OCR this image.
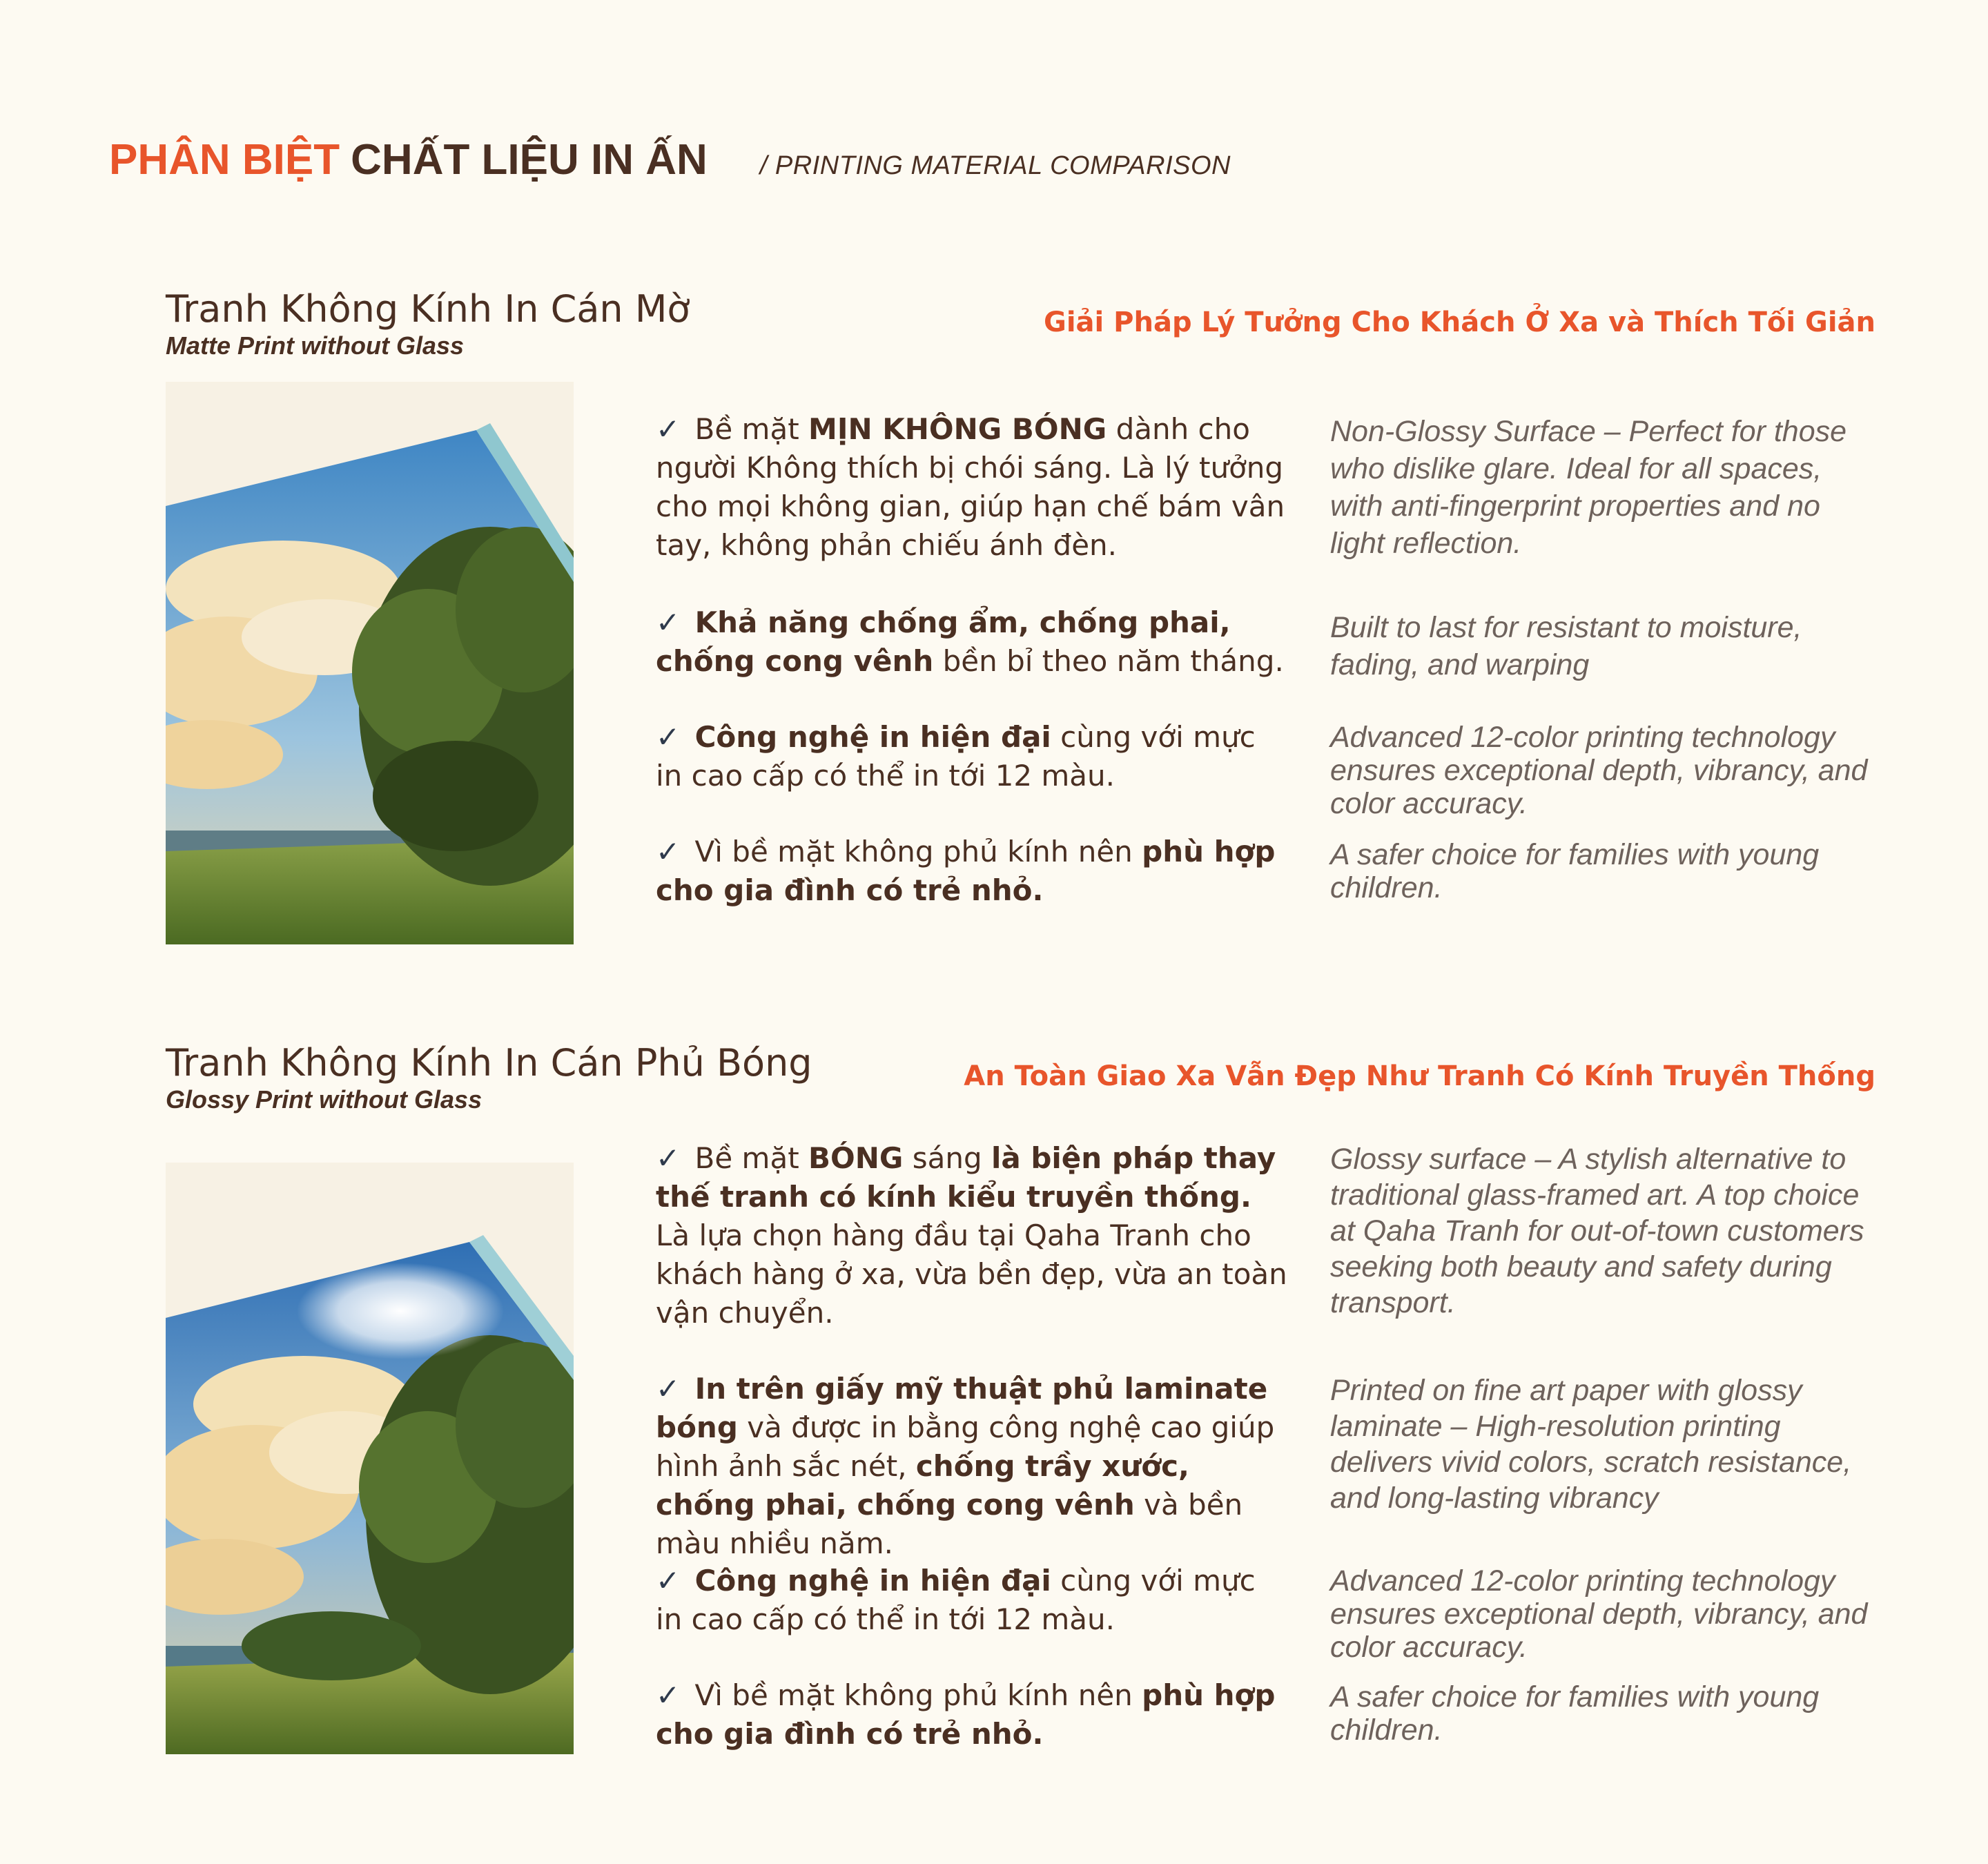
PHÂN BIỆT CHẤT LIỆU IN ẤN / PRINTING MATERIAL COMPARISON
Tranh Không Kính In Cán Mờ
Matte Print without Glass
Giải Pháp Lý Tưởng Cho Khách Ở Xa và Thích Tối Giản
✓ Bề mặt MỊN KHÔNG BÓNG dành cho người Không thích bị chói sáng. Là lý tưởng cho mọi không gian, giúp hạn chế bám vân tay, không phản chiếu ánh đèn.
Non-Glossy Surface – Perfect for those who dislike glare. Ideal for all spaces, with anti-fingerprint properties and no light reflection.
✓ Khả năng chống ẩm, chống phai, chống cong vênh bền bỉ theo năm tháng.
Built to last for resistant to moisture, fading, and warping
✓ Công nghệ in hiện đại cùng với mực in cao cấp có thể in tới 12 màu.
Advanced 12-color printing technology ensures exceptional depth, vibrancy, and color accuracy.
✓ Vì bề mặt không phủ kính nên phù hợp cho gia đình có trẻ nhỏ.
A safer choice for families with young children.
Tranh Không Kính In Cán Phủ Bóng
Glossy Print without Glass
An Toàn Giao Xa Vẫn Đẹp Như Tranh Có Kính Truyền Thống
✓ Bề mặt BÓNG sáng là biện pháp thay thế tranh có kính kiểu truyền thống. Là lựa chọn hàng đầu tại Qaha Tranh cho khách hàng ở xa, vừa bền đẹp, vừa an toàn vận chuyển.
Glossy surface – A stylish alternative to traditional glass-framed art. A top choice at Qaha Tranh for out-of-town customers seeking both beauty and safety during transport.
✓ In trên giấy mỹ thuật phủ laminate bóng và được in bằng công nghệ cao giúp hình ảnh sắc nét, chống trầy xước, chống phai, chống cong vênh và bền màu nhiều năm.
Printed on fine art paper with glossy laminate – High-resolution printing delivers vivid colors, scratch resistance, and long-lasting vibrancy
✓ Công nghệ in hiện đại cùng với mực in cao cấp có thể in tới 12 màu.
Advanced 12-color printing technology ensures exceptional depth, vibrancy, and color accuracy.
✓ Vì bề mặt không phủ kính nên phù hợp cho gia đình có trẻ nhỏ.
A safer choice for families with young children.
